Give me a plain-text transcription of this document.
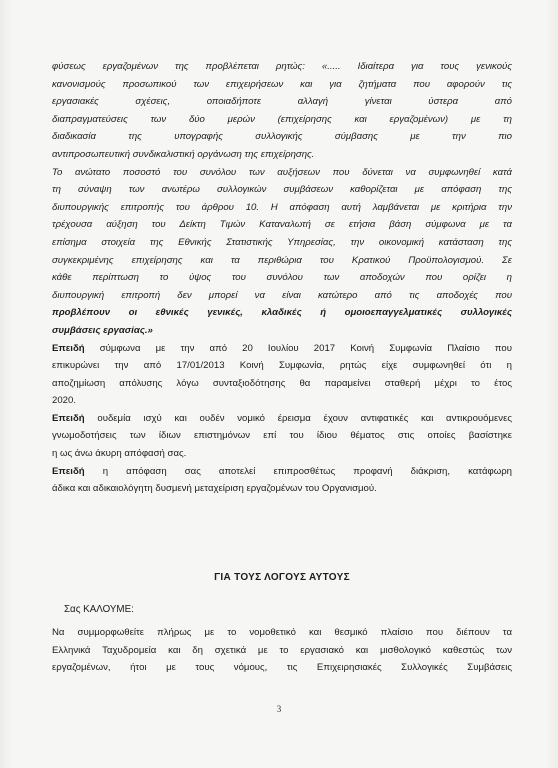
φύσεως εργαζομένων της προβλέπεται ρητώς: «..... Ιδιαίτερα για τους γενικούς
κανονισμούς προσωπικού των επιχειρήσεων και για ζητήματα που αφορούν τις
εργασιακές σχέσεις, οποιαδήποτε αλλαγή γίνεται ύστερα από
διαπραγματεύσεις των δύο μερών (επιχείρησης και εργαζομένων) με τη
διαδικασία της υπογραφής συλλογικής σύμβασης με την πιο
αντιπροσωπευτική συνδικαλιστική οργάνωση της επιχείρησης.
Το ανώτατο ποσοστό του συνόλου των αυξήσεων που δύνεται να συμφωνηθεί κατά
τη σύναψη των ανωτέρω συλλογικών συμβάσεων καθορίζεται με απόφαση της
διυπουργικής επιτροπής του άρθρου 10. Η απόφαση αυτή λαμβάνεται με κριτήρια την
τρέχουσα αύξηση του Δείκτη Τιμών Καταναλωτή σε ετήσια βάση σύμφωνα με τα
επίσημα στοιχεία της Εθνικής Στατιστικής Υπηρεσίας, την οικονομική κατάσταση της
συγκεκριμένης επιχείρησης και τα περιθώρια του Κρατικού Προϋπολογισμού. Σε
κάθε περίπτωση το ύψος του συνόλου των αποδοχών που ορίζει η
διυπουργική επιτροπή δεν μπορεί να είναι κατώτερο από τις αποδοχές που
προβλέπουν οι εθνικές γενικές, κλαδικές ή ομοιοεπαγγελματικές συλλογικές
συμβάσεις εργασίας.»

Επειδή σύμφωνα με την από 20 Ιουλίου 2017 Κοινή Συμφωνία Πλαίσιο που
επικυρώνει την από 17/01/2013 Κοινή Συμφωνία, ρητώς είχε συμφωνηθεί ότι η
αποζημίωση απόλυσης λόγω συνταξιοδότησης θα παραμείνει σταθερή μέχρι το έτος
2020.

Επειδή ουδεμία ισχύ και ουδέν νομικό έρεισμα έχουν αντιφατικές και αντικρουόμενες
γνωμοδοτήσεις των ίδιων επιστημόνων επί του ίδιου θέματος στις οποίες βασίστηκε
η ως άνω άκυρη απόφασή σας.

Επειδή η απόφαση σας αποτελεί επιπροσθέτως προφανή διάκριση, κατάφωρη
άδικα και αδικαιολόγητη δυσμενή μεταχείριση εργαζομένων του Οργανισμού.

ΓΙΑ ΤΟΥΣ ΛΟΓΟΥΣ ΑΥΤΟΥΣ
Σας ΚΑΛΟΥΜΕ:

Να συμμορφωθείτε πλήρως με το νομοθετικό και θεσμικό πλαίσιο που διέπουν τα
Ελληνικά Ταχυδρομεία και δη σχετικά με το εργασιακό και μισθολογικό καθεστώς των
εργαζομένων, ήτοι με τους νόμους, τις Επιχειρησιακές Συλλογικές Συμβάσεις

3
